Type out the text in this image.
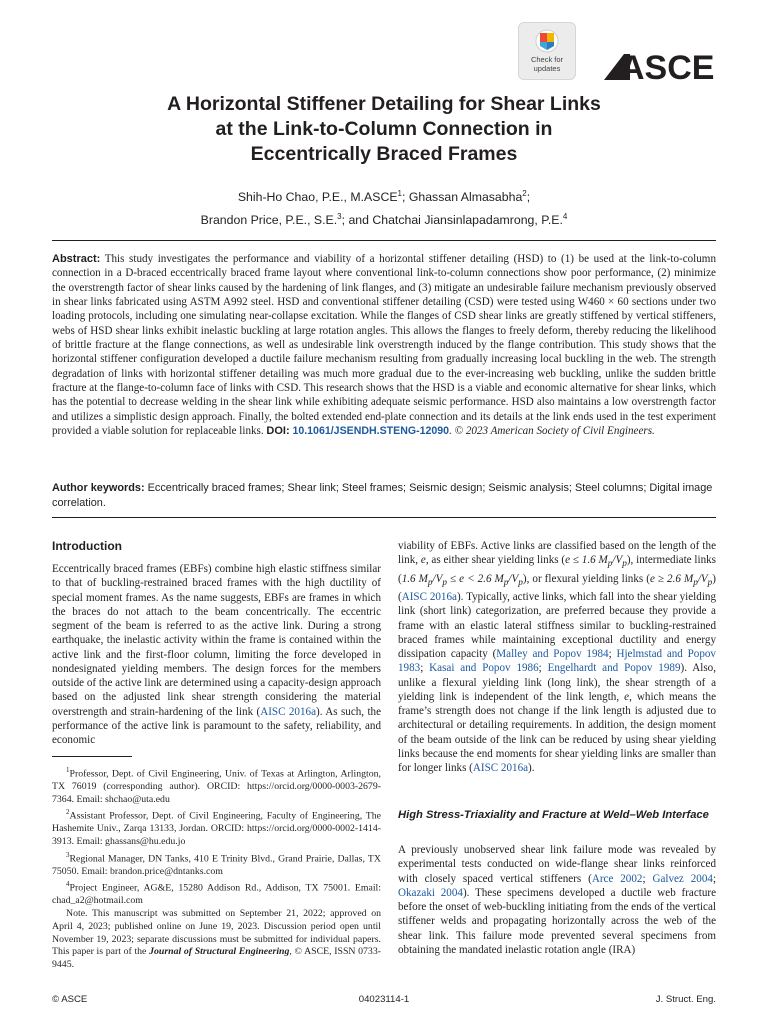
Check for
updates	ASCE
A Horizontal Stiffener Detailing for Shear Links
at the Link-to-Column Connection in
Eccentrically Braced Frames
Shih-Ho Chao, P.E., M.ASCE$^1$; Ghassan Almasabha$^2$;
Brandon Price, P.E., S.E.$^3$; and Chatchai Jiansinlapadamrong, P.E.$^4$
Abstract: This study investigates the performance and viability of a horizontal stiffener detailing (HSD) to (1) be used at the link-to-column connection in a D-braced eccentrically braced frame layout where conventional link-to-column connections show poor performance, (2) minimize the overstrength factor of shear links caused by the hardening of link flanges, and (3) mitigate an undesirable failure mechanism previously observed in shear links fabricated using ASTM A992 steel. HSD and conventional stiffener detailing (CSD) were tested using W460 × 60 sections under two loading protocols, including one simulating near-collapse excitation. While the flanges of CSD shear links are greatly stiffened by vertical stiffeners, webs of HSD shear links exhibit inelastic buckling at large rotation angles. This allows the flanges to freely deform, thereby reducing the likelihood of brittle fracture at the flange connections, as well as undesirable link overstrength induced by the flange contribution. This study shows that the horizontal stiffener configuration developed a ductile failure mechanism resulting from gradually increasing local buckling in the web. The strength degradation of links with horizontal stiffener detailing was much more gradual due to the ever-increasing web buckling, unlike the sudden brittle fracture at the flange-to-column face of links with CSD. This research shows that the HSD is a viable and economic alternative for shear links, which has the potential to decrease welding in the shear link while exhibiting adequate seismic performance. HSD also maintains a low overstrength factor and utilizes a simplistic design approach. Finally, the bolted extended end-plate connection and its details at the link ends used in the test experiment provided a viable solution for replaceable links. DOI: 10.1061/JSENDH.STENG-12090. © 2023 American Society of Civil Engineers.
Author keywords: Eccentrically braced frames; Shear link; Steel frames; Seismic design; Seismic analysis; Steel columns; Digital image correlation.
Introduction

Eccentrically braced frames (EBFs) combine high elastic stiffness similar to that of buckling-restrained braced frames with the high ductility of special moment frames. As the name suggests, EBFs are frames in which the braces do not attach to the beam concentrically. The eccentric segment of the beam is referred to as the active link. During a strong earthquake, the inelastic activity within the frame is contained within the active link and the first-floor column, limiting the force developed in nondesignated yielding members. The design forces for the members outside of the active link are determined using a capacity-design approach based on the adjusted link shear strength considering the material overstrength and strain-hardening of the link (AISC 2016a). As such, the performance of the active link is paramount to the safety, reliability, and economic

$^1$Professor, Dept. of Civil Engineering, Univ. of Texas at Arlington, Arlington, TX 76019 (corresponding author). ORCID: https://orcid.org/0000-0003-2679-7364. Email: shchao@uta.edu

$^2$Assistant Professor, Dept. of Civil Engineering, Faculty of Engineering, The Hashemite Univ., Zarqa 13133, Jordan. ORCID: https://orcid.org/0000-0002-1414-3913. Email: ghassans@hu.edu.jo

$^3$Regional Manager, DN Tanks, 410 E Trinity Blvd., Grand Prairie, Dallas, TX 75050. Email: brandon.price@dntanks.com

$^4$Project Engineer, AG&E, 15280 Addison Rd., Addison, TX 75001. Email: chad_a2@hotmail.com

Note. This manuscript was submitted on September 21, 2022; approved on April 4, 2023; published online on June 19, 2023. Discussion period open until November 19, 2023; separate discussions must be submitted for individual papers. This paper is part of the Journal of Structural Engineering, © ASCE, ISSN 0733-9445.

viability of EBFs. Active links are classified based on the length of the link, e, as either shear yielding links (e ≤ 1.6 $M_p/V_p$), intermediate links (1.6 $M_p/V_p \le e < 2.6$ $M_p/V_p$), or flexural yielding links (e ≥ 2.6 $M_p/V_p$) (AISC 2016a). Typically, active links, which fall into the shear yielding link (short link) categorization, are preferred because they provide a frame with an elastic lateral stiffness similar to buckling-restrained braced frames while maintaining exceptional ductility and energy dissipation capacity (Malley and Popov 1984; Hjelmstad and Popov 1983; Kasai and Popov 1986; Engelhardt and Popov 1989). Also, unlike a flexural yielding link (long link), the shear strength of a yielding link is independent of the link length, e, which means the frame’s strength does not change if the link length is adjusted due to architectural or detailing requirements. In addition, the design moment of the beam outside of the link can be reduced by using shear yielding links because the end moments for shear yielding links are smaller than for longer links (AISC 2016a).

High Stress-Triaxiality and Fracture at Weld–Web Interface

A previously unobserved shear link failure mode was revealed by experimental tests conducted on wide-flange shear links reinforced with closely spaced vertical stiffeners (Arce 2002; Galvez 2004; Okazaki 2004). These specimens developed a ductile web fracture before the onset of web-buckling initiating from the ends of the vertical stiffener welds and propagating horizontally across the web of the shear link. This failure mode prevented several specimens from obtaining the mandated inelastic rotation angle (IRA)

© ASCE	04023114-1	J. Struct. Eng.
